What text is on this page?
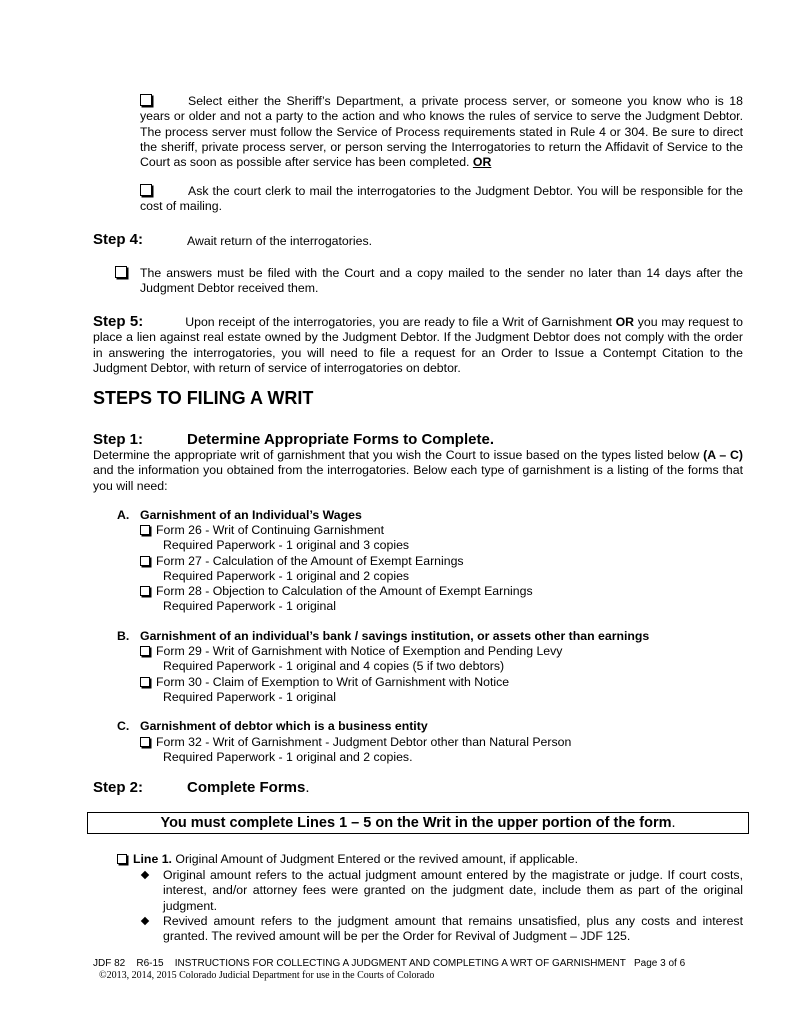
Select either the Sheriff’s Department, a private process server, or someone you know who is 18 years or older and not a party to the action and who knows the rules of service to serve the Judgment Debtor. The process server must follow the Service of Process requirements stated in Rule 4 or 304. Be sure to direct the sheriff, private process server, or person serving the Interrogatories to return the Affidavit of Service to the Court as soon as possible after service has been completed. OR
Ask the court clerk to mail the interrogatories to the Judgment Debtor. You will be responsible for the cost of mailing.
Step 4:	Await return of the interrogatories.
The answers must be filed with the Court and a copy mailed to the sender no later than 14 days after the Judgment Debtor received them.
Step 5:	Upon receipt of the interrogatories, you are ready to file a Writ of Garnishment OR you may request to place a lien against real estate owned by the Judgment Debtor. If the Judgment Debtor does not comply with the order in answering the interrogatories, you will need to file a request for an Order to Issue a Contempt Citation to the Judgment Debtor, with return of service of interrogatories on debtor.
STEPS TO FILING A WRIT
Step 1:	Determine Appropriate Forms to Complete.
Determine the appropriate writ of garnishment that you wish the Court to issue based on the types listed below (A – C) and the information you obtained from the interrogatories. Below each type of garnishment is a listing of the forms that you will need:
A. Garnishment of an Individual’s Wages
Form 26 - Writ of Continuing Garnishment
Required Paperwork - 1 original and 3 copies
Form 27 - Calculation of the Amount of Exempt Earnings
Required Paperwork - 1 original and 2 copies
Form 28 - Objection to Calculation of the Amount of Exempt Earnings
Required Paperwork - 1 original
B. Garnishment of an individual’s bank / savings institution, or assets other than earnings
Form 29 - Writ of Garnishment with Notice of Exemption and Pending Levy
Required Paperwork - 1 original and 4 copies (5 if two debtors)
Form 30 - Claim of Exemption to Writ of Garnishment with Notice
Required Paperwork - 1 original
C. Garnishment of debtor which is a business entity
Form 32 - Writ of Garnishment - Judgment Debtor other than Natural Person
Required Paperwork - 1 original and 2 copies.
Step 2:	Complete Forms.
You must complete Lines 1 – 5 on the Writ in the upper portion of the form.
Line 1. Original Amount of Judgment Entered or the revived amount, if applicable.
Original amount refers to the actual judgment amount entered by the magistrate or judge. If court costs, interest, and/or attorney fees were granted on the judgment date, include them as part of the original judgment.
Revived amount refers to the judgment amount that remains unsatisfied, plus any costs and interest granted. The revived amount will be per the Order for Revival of Judgment – JDF 125.
JDF 82    R6-15    INSTRUCTIONS FOR COLLECTING A JUDGMENT AND COMPLETING A WRT OF GARNISHMENT   Page 3 of 6
©2013, 2014, 2015 Colorado Judicial Department for use in the Courts of Colorado
